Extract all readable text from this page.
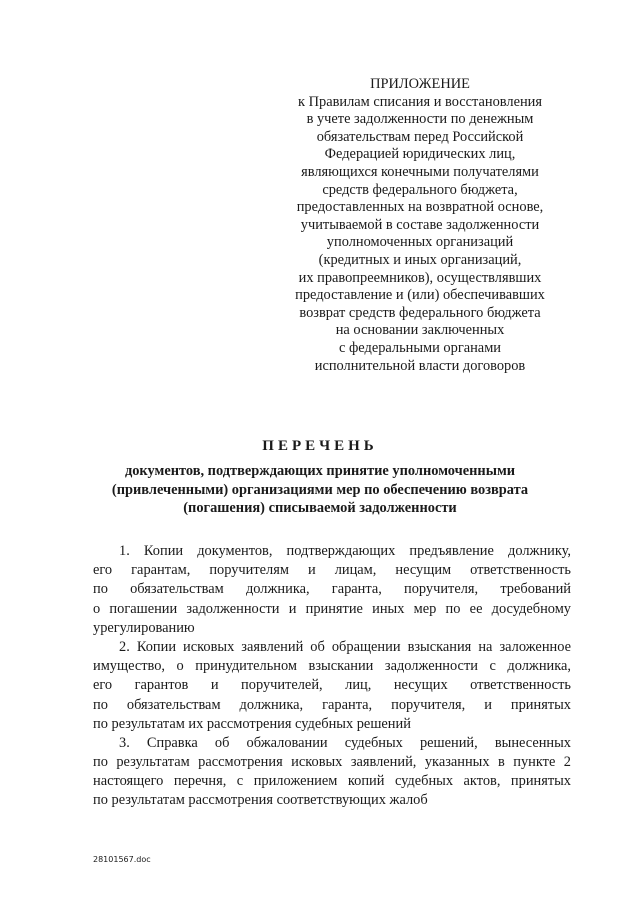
ПРИЛОЖЕНИЕ
к Правилам списания и восстановления
в учете задолженности по денежным
обязательствам перед Российской
Федерацией юридических лиц,
являющихся конечными получателями
средств федерального бюджета,
предоставленных на возвратной основе,
учитываемой в составе задолженности
уполномоченных организаций
(кредитных и иных организаций,
их правопреемников), осуществлявших
предоставление и (или) обеспечивавших
возврат средств федерального бюджета
на основании заключенных
с федеральными органами
исполнительной власти договоров
ПЕРЕЧЕНЬ
документов, подтверждающих принятие уполномоченными
(привлеченными) организациями мер по обеспечению возврата
(погашения) списываемой задолженности
1. Копии документов, подтверждающих предъявление должнику,
его гарантам, поручителям и лицам, несущим ответственность
по обязательствам должника, гаранта, поручителя, требований
о погашении задолженности и принятие иных мер по ее досудебному
урегулированию
2. Копии исковых заявлений об обращении взыскания на заложенное
имущество, о принудительном взыскании задолженности с должника,
его гарантов и поручителей, лиц, несущих ответственность
по обязательствам должника, гаранта, поручителя, и принятых
по результатам их рассмотрения судебных решений
3. Справка об обжаловании судебных решений, вынесенных
по результатам рассмотрения исковых заявлений, указанных в пункте 2
настоящего перечня, с приложением копий судебных актов, принятых
по результатам рассмотрения соответствующих жалоб
28101567.doc
